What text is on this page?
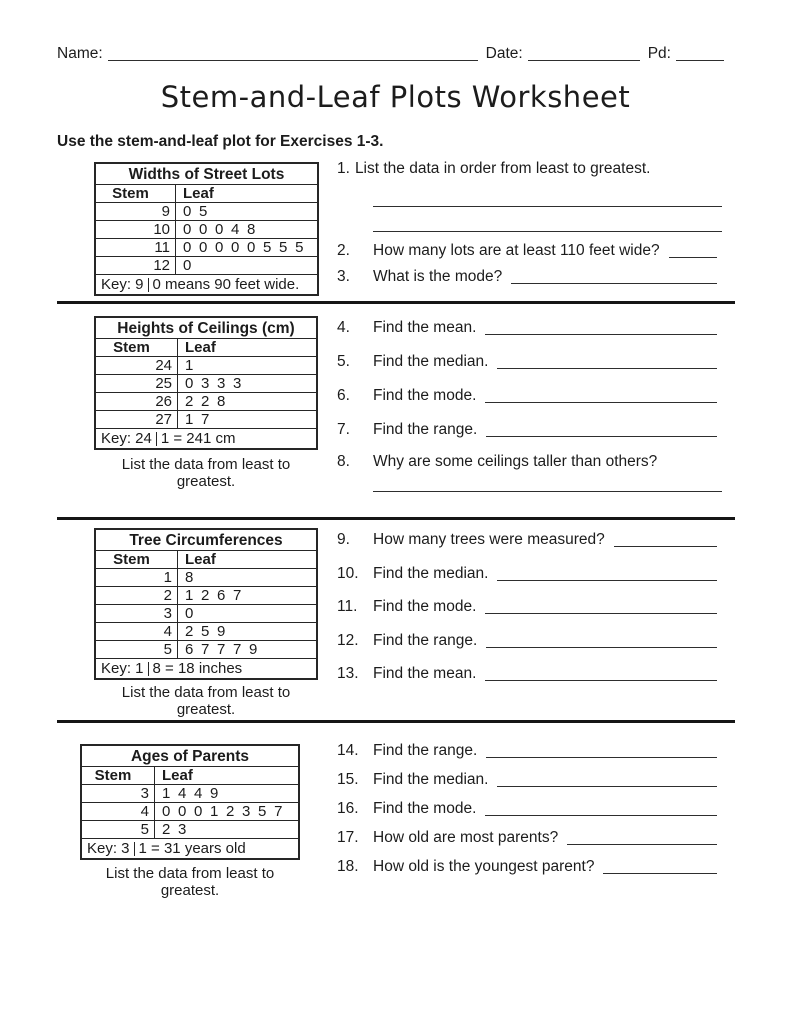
Name:	Date:	Pd:
Stem-and-Leaf Plots Worksheet
Use the stem-and-leaf plot for Exercises 1-3.
Widths of Street Lots
Stem	Leaf
9 0 5
10 0 0 0 4 8
11 0 0 0 0 0 5 5 5
12 0
Key: 9 0 means 90 feet wide.
1. List the data in order from least to greatest.
2.	How many lots are at least 110 feet wide?
3.	What is the mode?
Heights of Ceilings (cm)
Stem	Leaf
24 1
25 0 3 3 3
26 2 2 8
27 1 7
Key: 24 1 = 241 cm
List the data from least to greatest.
4.	Find the mean.
5.	Find the median.
6.	Find the mode.
7.	Find the range.
8.	Why are some ceilings taller than others?
Tree Circumferences
Stem	Leaf
1 8
2 1 2 6 7
3 0
4 2 5 9
5 6 7 7 7 9
Key: 1 8 = 18 inches
List the data from least to greatest.
9.	How many trees were measured?
10. Find the median.
11.	Find the mode.
12. Find the range.
13. Find the mean.
Ages of Parents
Stem	Leaf
3 1 4 4 9
4 0 0 0 1 2 3 5 7
5 2 3
Key: 3 1 = 31 years old
List the data from least to greatest.
14. Find the range.
15. Find the median.
16. Find the mode.
17. How old are most parents?
18. How old is the youngest parent?
